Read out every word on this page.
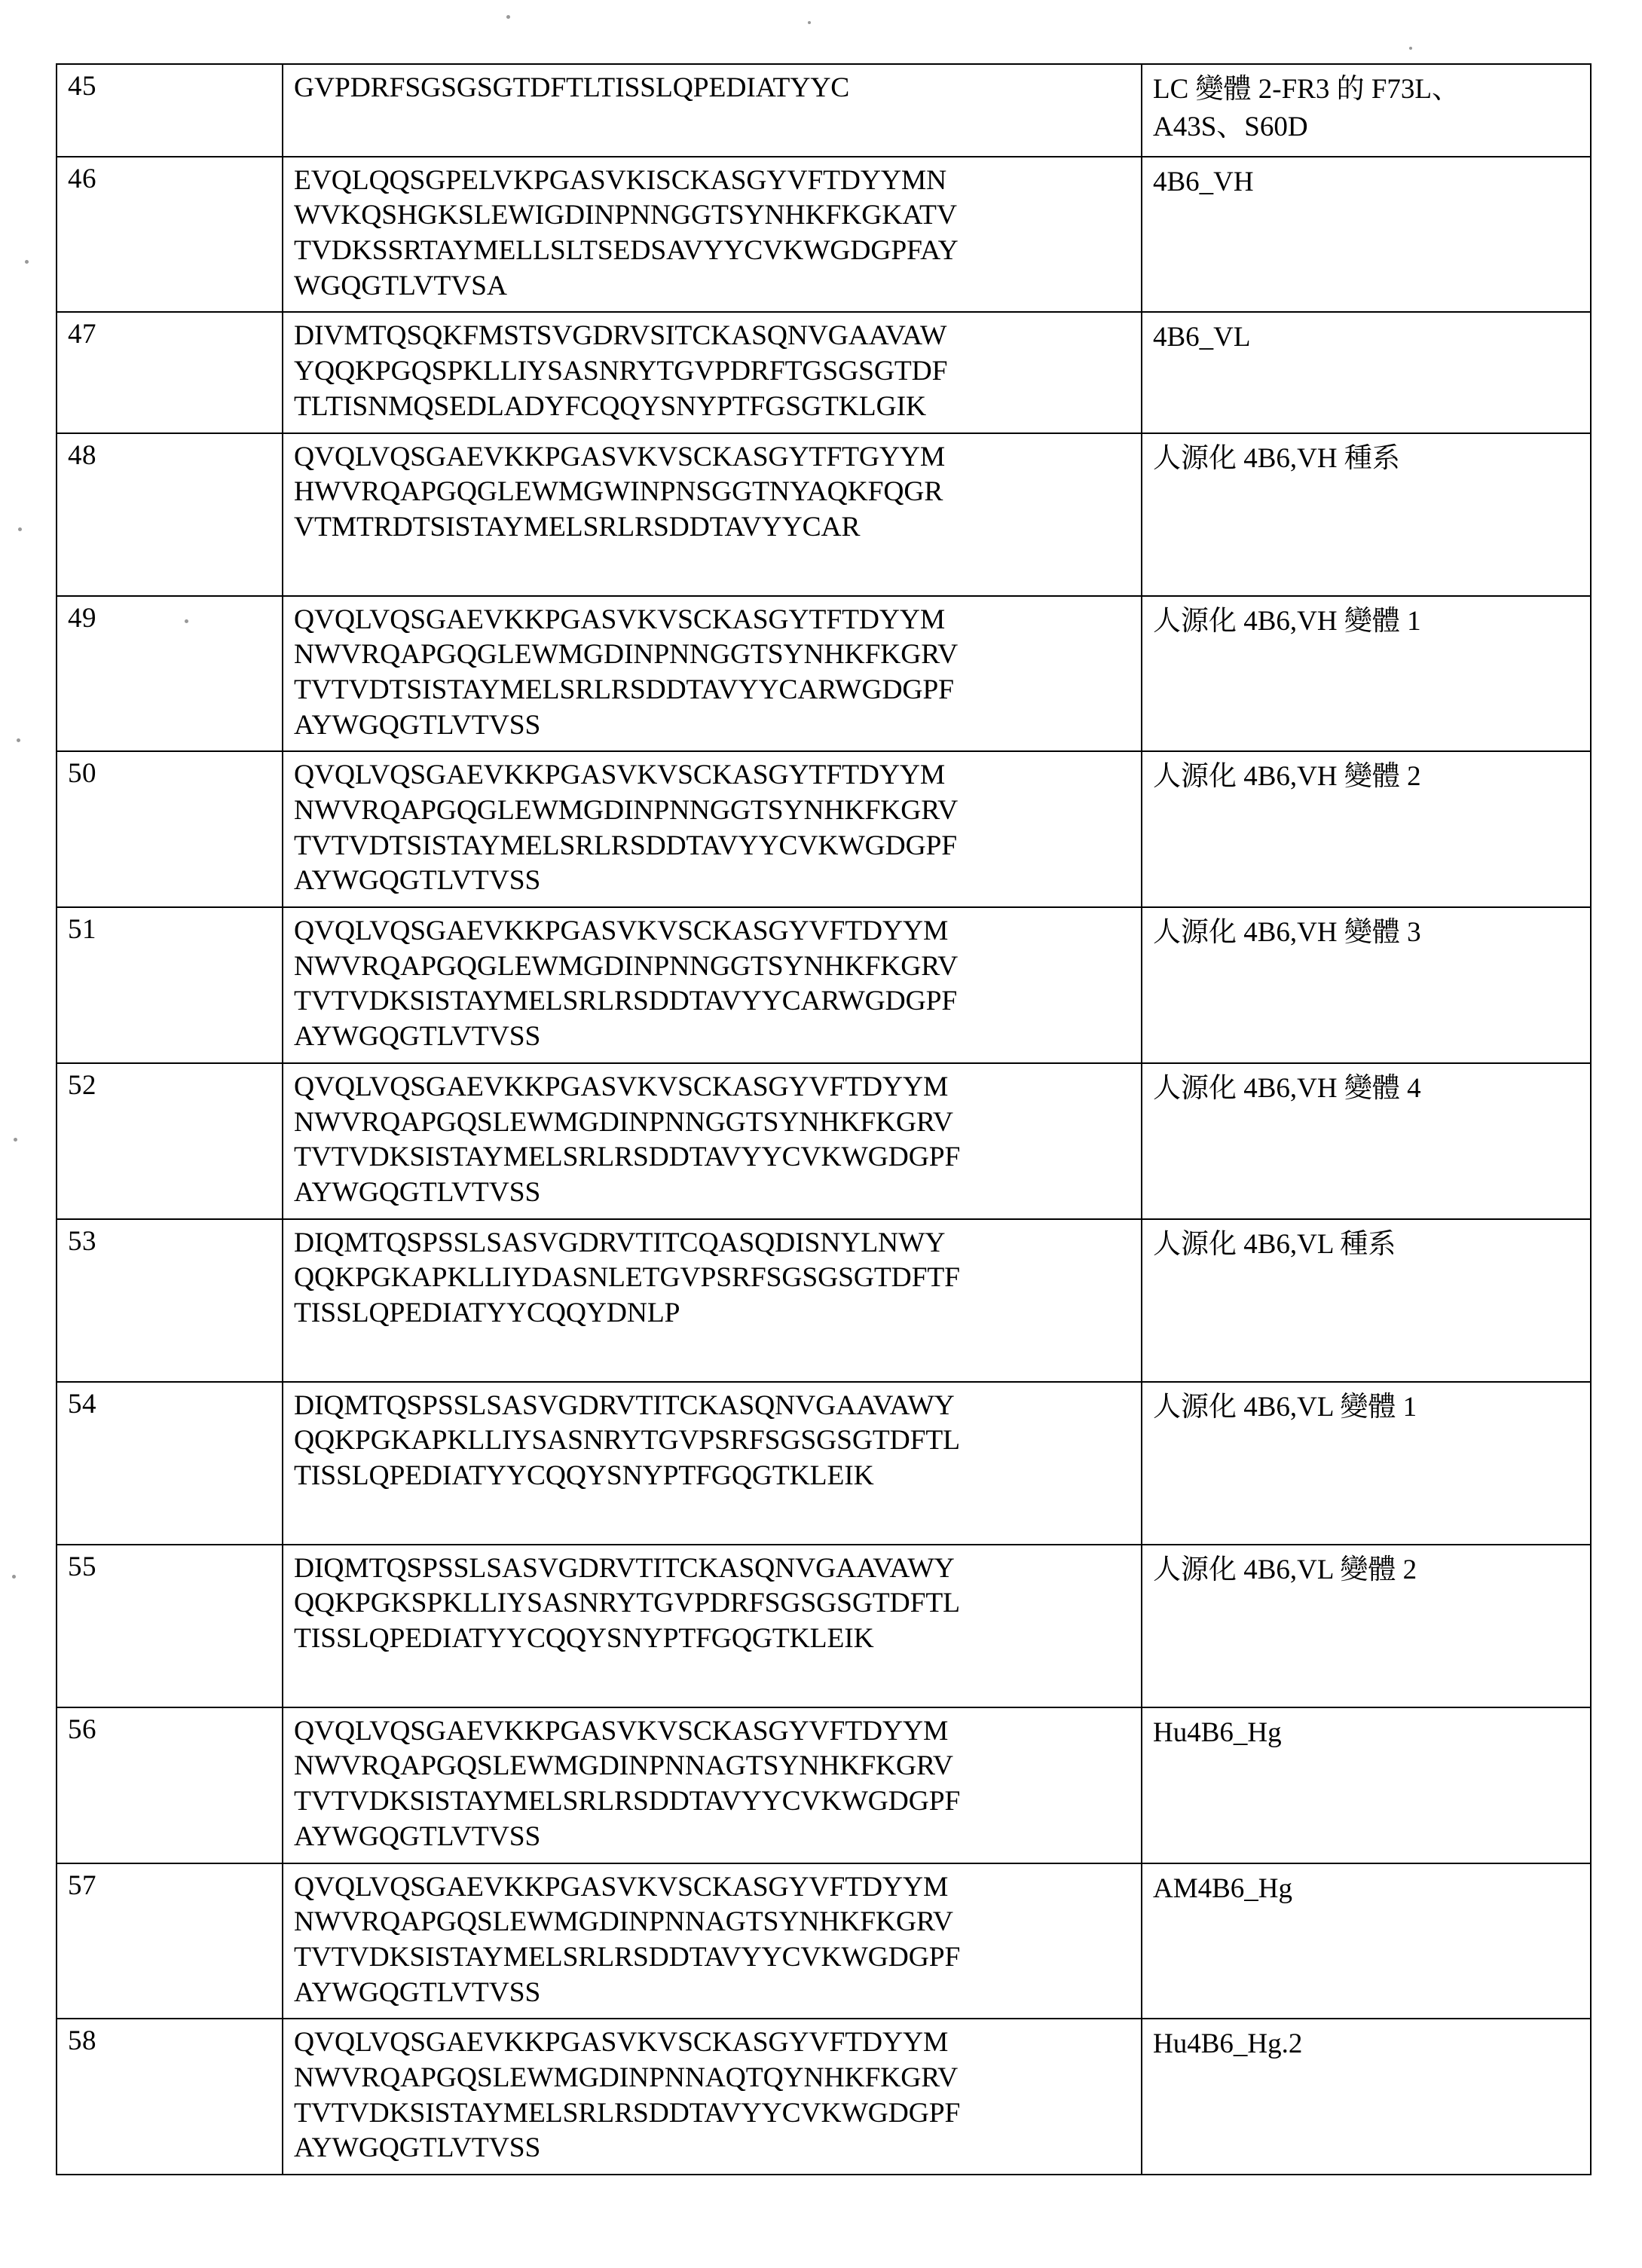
45	GVPDRFSGSGSGTDFTLTISSLQPEDIATYYC	LC 變體 2-FR3 的 F73L、
A43S、S60D

46	EVQLQQSGPELVKPGASVKISCKASGYVFTDYYMN
WVKQSHGKSLEWIGDINPNNGGTSYNHKFKGKATV
TVDKSSRTAYMELLSLTSEDSAVYYCVKWGDGPFAY
WGQGTLVTVSA	4B6_VH

47	DIVMTQSQKFMSTSVGDRVSITCKASQNVGAAVAW
YQQKPGQSPKLLIYSASNRYTGVPDRFTGSGSGTDF
TLTISNMQSEDLADYFCQQYSNYPTFGSGTKLGIK	4B6_VL

48	QVQLVQSGAEVKKPGASVKVSCKASGYTFTGYYM
HWVRQAPGQGLEWMGWINPNSGGTNYAQKFQGR
VTMTRDTSISTAYMELSRLRSDDTAVYYCAR	人源化 4B6,VH 種系

49	QVQLVQSGAEVKKPGASVKVSCKASGYTFTDYYM
NWVRQAPGQGLEWMGDINPNNGGTSYNHKFKGRV
TVTVDTSISTAYMELSRLRSDDTAVYYCARWGDGPF
AYWGQGTLVTVSS	人源化 4B6,VH 變體 1

50	QVQLVQSGAEVKKPGASVKVSCKASGYTFTDYYM
NWVRQAPGQGLEWMGDINPNNGGTSYNHKFKGRV
TVTVDTSISTAYMELSRLRSDDTAVYYCVKWGDGPF
AYWGQGTLVTVSS	人源化 4B6,VH 變體 2

51	QVQLVQSGAEVKKPGASVKVSCKASGYVFTDYYM
NWVRQAPGQGLEWMGDINPNNGGTSYNHKFKGRV
TVTVDKSISTAYMELSRLRSDDTAVYYCARWGDGPF
AYWGQGTLVTVSS	人源化 4B6,VH 變體 3

52	QVQLVQSGAEVKKPGASVKVSCKASGYVFTDYYM
NWVRQAPGQSLEWMGDINPNNGGTSYNHKFKGRV
TVTVDKSISTAYMELSRLRSDDTAVYYCVKWGDGPF
AYWGQGTLVTVSS	人源化 4B6,VH 變體 4

53	DIQMTQSPSSLSASVGDRVTITCQASQDISNYLNWY
QQKPGKAPKLLIYDASNLETGVPSRFSGSGSGTDFTF
TISSLQPEDIATYYCQQYDNLP	人源化 4B6,VL 種系

54	DIQMTQSPSSLSASVGDRVTITCKASQNVGAAVAWY
QQKPGKAPKLLIYSASNRYTGVPSRFSGSGSGTDFTL
TISSLQPEDIATYYCQQYSNYPTFGQGTKLEIK	人源化 4B6,VL 變體 1

55	DIQMTQSPSSLSASVGDRVTITCKASQNVGAAVAWY
QQKPGKSPKLLIYSASNRYTGVPDRFSGSGSGTDFTL
TISSLQPEDIATYYCQQYSNYPTFGQGTKLEIK	人源化 4B6,VL 變體 2

56	QVQLVQSGAEVKKPGASVKVSCKASGYVFTDYYM
NWVRQAPGQSLEWMGDINPNNAGTSYNHKFKGRV
TVTVDKSISTAYMELSRLRSDDTAVYYCVKWGDGPF
AYWGQGTLVTVSS	Hu4B6_Hg

57	QVQLVQSGAEVKKPGASVKVSCKASGYVFTDYYM
NWVRQAPGQSLEWMGDINPNNAGTSYNHKFKGRV
TVTVDKSISTAYMELSRLRSDDTAVYYCVKWGDGPF
AYWGQGTLVTVSS	AM4B6_Hg

58	QVQLVQSGAEVKKPGASVKVSCKASGYVFTDYYM
NWVRQAPGQSLEWMGDINPNNAQTQYNHKFKGRV
TVTVDKSISTAYMELSRLRSDDTAVYYCVKWGDGPF
AYWGQGTLVTVSS	Hu4B6_Hg.2
